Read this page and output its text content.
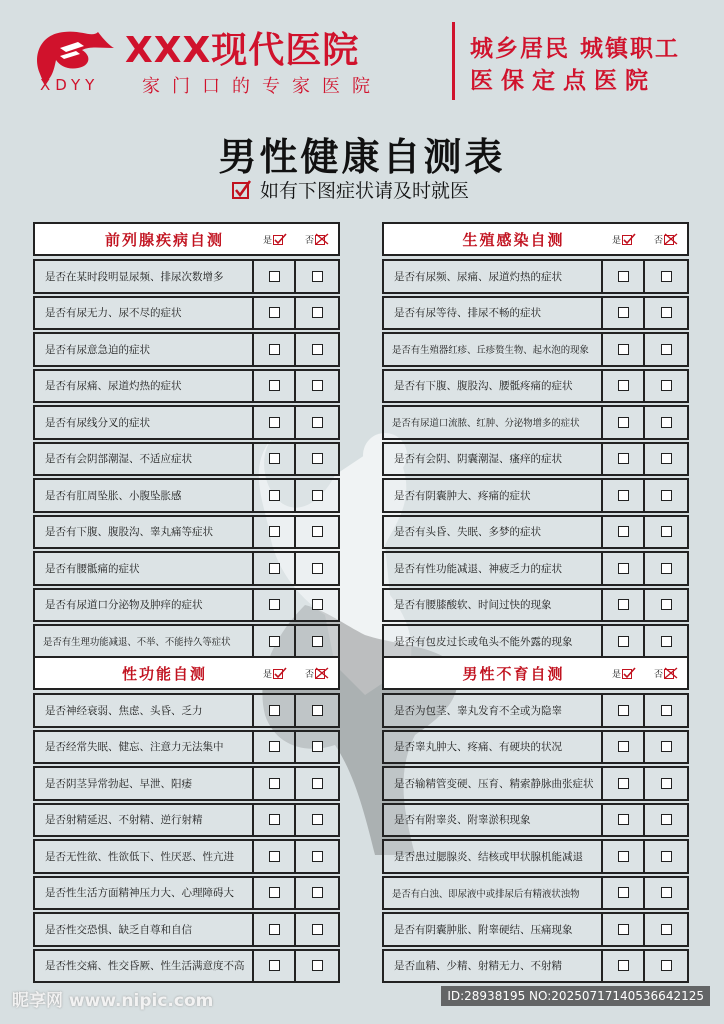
XXX现代医院
XDYY 家门口的专家医院
城乡居民 城镇职工
医保定点医院
男性健康自测表
如有下图症状请及时就医
前列腺疾病自测	是	否
是否在某时段明显尿频、排尿次数增多
是否有尿无力、尿不尽的症状
是否有尿意急迫的症状
是否有尿痛、尿道灼热的症状
是否有尿线分叉的症状
是否有会阴部潮湿、不适应症状
是否有肛周坠胀、小腹坠胀感
是否有下腹、腹股沟、睾丸痛等症状
是否有腰骶痛的症状
是否有尿道口分泌物及肿痒的症状
是否有生理功能减退、不举、不能持久等症状
生殖感染自测	是	否
是否有尿频、尿痛、尿道灼热的症状
是否有尿等待、排尿不畅的症状
是否有生殖器红疹、丘疹赘生物、起水泡的现象
是否有下腹、腹股沟、腰骶疼痛的症状
是否有尿道口流脓、红肿、分泌物增多的症状
是否有会阴、阴囊潮湿、瘙痒的症状
是否有阴囊肿大、疼痛的症状
是否有头昏、失眠、多梦的症状
是否有性功能减退、神疲乏力的症状
是否有腰膝酸软、时间过快的现象
是否有包皮过长或龟头不能外露的现象
性功能自测	是	否
是否神经衰弱、焦虑、头昏、乏力
是否经常失眠、健忘、注意力无法集中
是否阴茎异常勃起、早泄、阳痿
是否射精延迟、不射精、逆行射精
是否无性欲、性欲低下、性厌恶、性亢进
是否性生活方面精神压力大、心理障碍大
是否性交恐惧、缺乏自尊和自信
是否性交痛、性交昏厥、性生活满意度不高
男性不育自测	是	否
是否为包茎、睾丸发育不全或为隐睾
是否睾丸肿大、疼痛、有硬块的状况
是否输精管变硬、压育、精索静脉曲张症状
是否有附睾炎、附睾淤积现象
是否患过腮腺炎、结核或甲状腺机能减退
是否有白浊、即尿液中或排尿后有精液状浊物
是否有阴囊肿胀、附睾硬结、压痛现象
是否血精、少精、射精无力、不射精
昵享网 www.nipic.com	ID:28938195 NO:20250717140536642125
